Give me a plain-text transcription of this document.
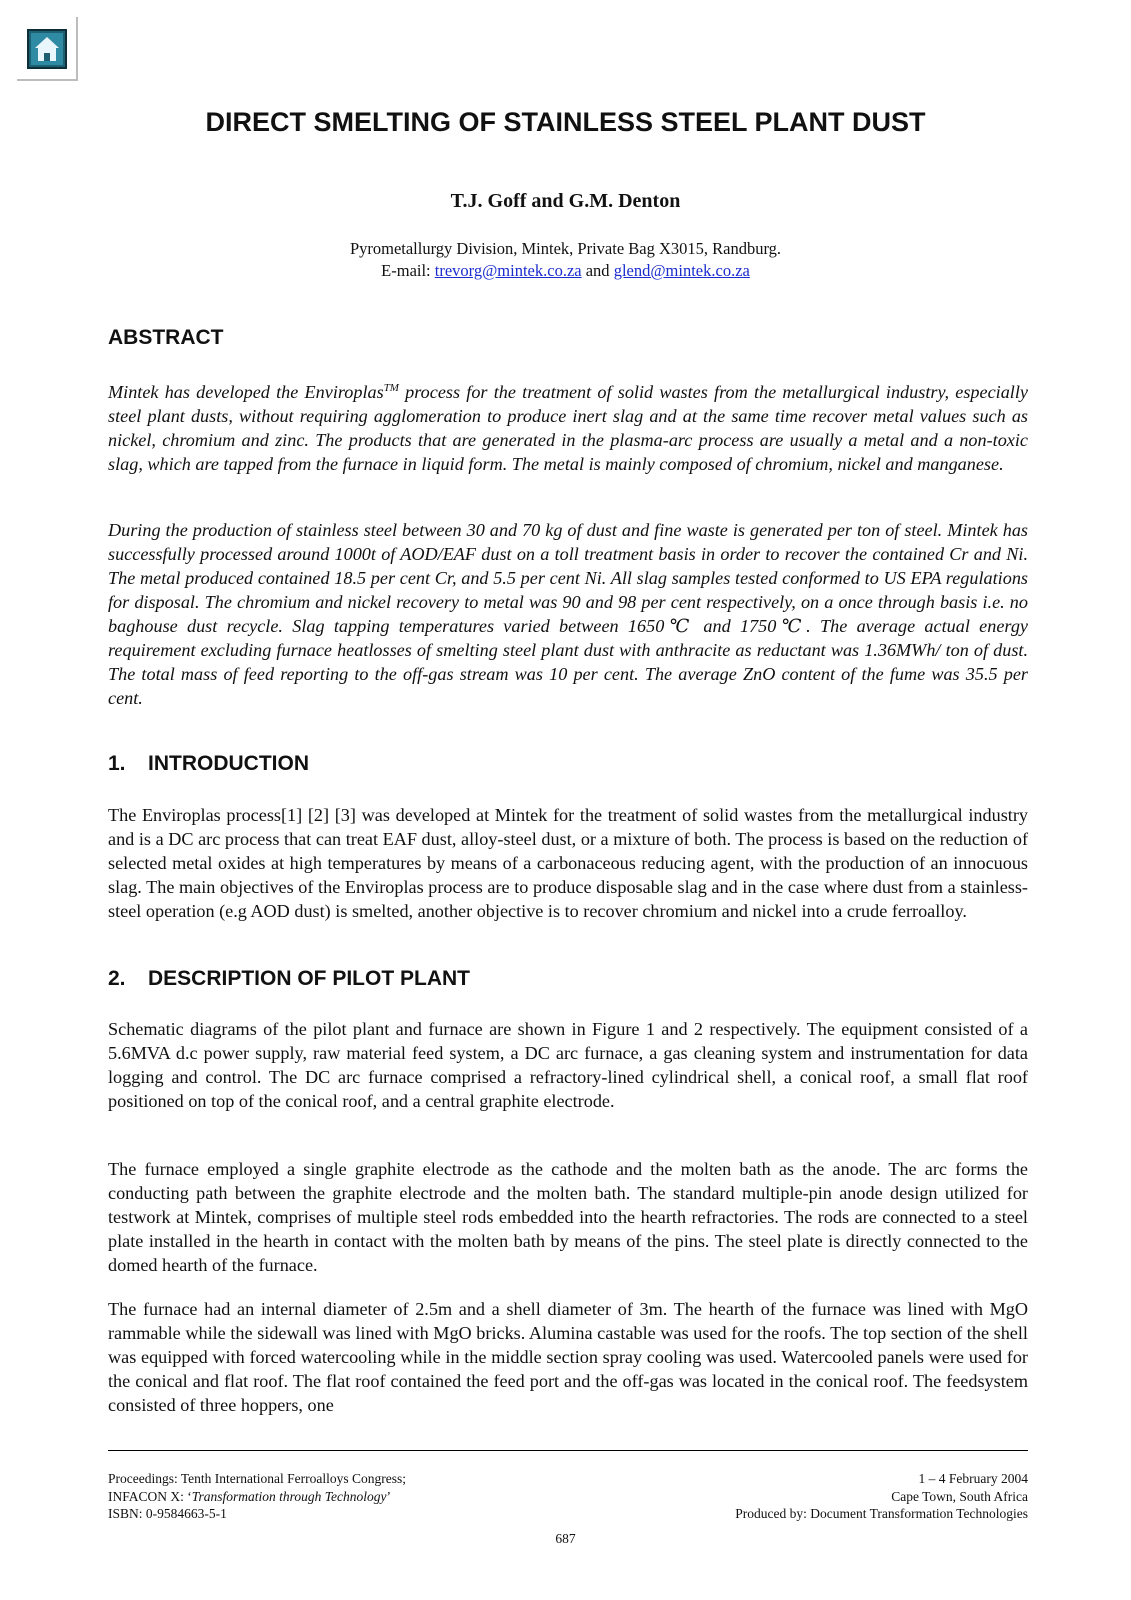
DIRECT SMELTING OF STAINLESS STEEL PLANT DUST
T.J. Goff and G.M. Denton
Pyrometallurgy Division, Mintek, Private Bag X3015, Randburg.
E-mail: trevorg@mintek.co.za and glend@mintek.co.za
ABSTRACT

Mintek has developed the Enviroplas™ process for the treatment of solid wastes from the metallurgical industry, especially steel plant dusts, without requiring agglomeration to produce inert slag and at the same time recover metal values such as nickel, chromium and zinc. The products that are generated in the plasma-arc process are usually a metal and a non-toxic slag, which are tapped from the furnace in liquid form. The metal is mainly composed of chromium, nickel and manganese.

During the production of stainless steel between 30 and 70 kg of dust and fine waste is generated per ton of steel. Mintek has successfully processed around 1000t of AOD/EAF dust on a toll treatment basis in order to recover the contained Cr and Ni. The metal produced contained 18.5 per cent Cr, and 5.5 per cent Ni. All slag samples tested conformed to US EPA regulations for disposal. The chromium and nickel recovery to metal was 90 and 98 per cent respectively, on a once through basis i.e. no baghouse dust recycle. Slag tapping temperatures varied between 1650℃ and 1750℃. The average actual energy requirement excluding furnace heatlosses of smelting steel plant dust with anthracite as reductant was 1.36MWh/ ton of dust. The total mass of feed reporting to the off-gas stream was 10 per cent. The average ZnO content of the fume was 35.5 per cent.

1. INTRODUCTION

The Enviroplas process[1] [2] [3] was developed at Mintek for the treatment of solid wastes from the metallurgical industry and is a DC arc process that can treat EAF dust, alloy-steel dust, or a mixture of both. The process is based on the reduction of selected metal oxides at high temperatures by means of a carbonaceous reducing agent, with the production of an innocuous slag. The main objectives of the Enviroplas process are to produce disposable slag and in the case where dust from a stainless-steel operation (e.g AOD dust) is smelted, another objective is to recover chromium and nickel into a crude ferroalloy.

2. DESCRIPTION OF PILOT PLANT

Schematic diagrams of the pilot plant and furnace are shown in Figure 1 and 2 respectively. The equipment consisted of a 5.6MVA d.c power supply, raw material feed system, a DC arc furnace, a gas cleaning system and instrumentation for data logging and control. The DC arc furnace comprised a refractory-lined cylindrical shell, a conical roof, a small flat roof positioned on top of the conical roof, and a central graphite electrode.

The furnace employed a single graphite electrode as the cathode and the molten bath as the anode. The arc forms the conducting path between the graphite electrode and the molten bath. The standard multiple-pin anode design utilized for testwork at Mintek, comprises of multiple steel rods embedded into the hearth refractories. The rods are connected to a steel plate installed in the hearth in contact with the molten bath by means of the pins. The steel plate is directly connected to the domed hearth of the furnace.

The furnace had an internal diameter of 2.5m and a shell diameter of 3m. The hearth of the furnace was lined with MgO rammable while the sidewall was lined with MgO bricks. Alumina castable was used for the roofs. The top section of the shell was equipped with forced watercooling while in the middle section spray cooling was used. Watercooled panels were used for the conical and flat roof. The flat roof contained the feed port and the off-gas was located in the conical roof. The feedsystem consisted of three hoppers, one

Proceedings: Tenth International Ferroalloys Congress;
INFACON X: ‘Transformation through Technology’
ISBN: 0-9584663-5-1
1 – 4 February 2004
Cape Town, South Africa
Produced by: Document Transformation Technologies
687
